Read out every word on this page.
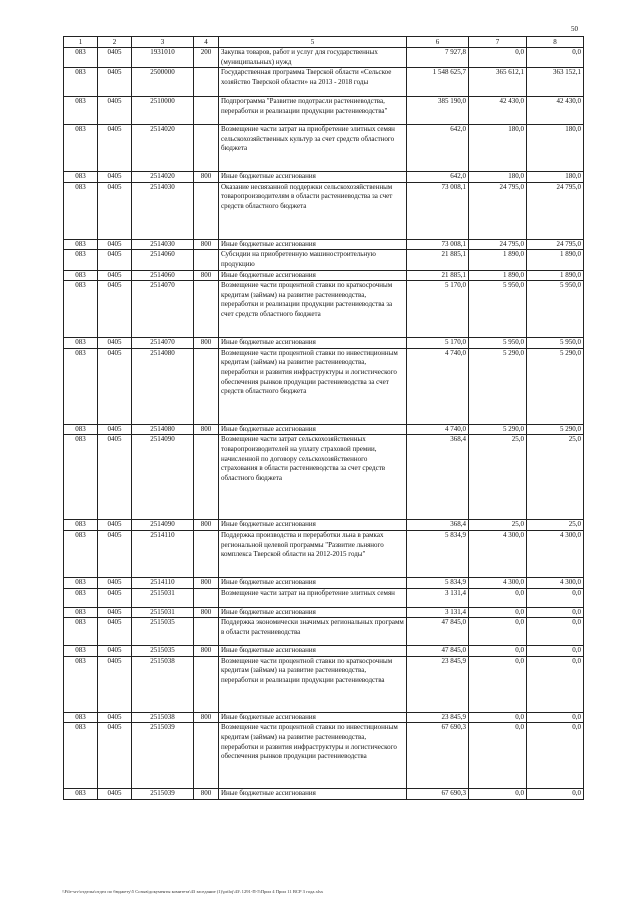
50
1	2	3	4	5	6	7	8
083	0405	1931010	200	Закупка товаров, работ и услуг для государственных (муниципальных) нужд	7 927,8	0,0	0,0
083	0405	2500000		Государственная программа Тверской области «Сельское хозяйство Тверской области» на 2013 - 2018 годы	1 548 625,7	365 612,1	363 152,1
083	0405	2510000		Подпрограмма "Развитие подотрасли растениеводства, переработки и реализации продукции растениеводства"	385 190,0	42 430,0	42 430,0
083	0405	2514020		Возмещение части затрат на приобретение элитных семян сельскохозяйственных культур за счет средств областного бюджета	642,0	180,0	180,0
083	0405	2514020	800	Иные бюджетные ассигнования	642,0	180,0	180,0
083	0405	2514030		Оказание несвязанной поддержки сельскохозяйственным товаропроизводителям в области растениеводства за счет средств областного бюджета	73 008,1	24 795,0	24 795,0
083	0405	2514030	800	Иные бюджетные ассигнования	73 008,1	24 795,0	24 795,0
083	0405	2514060		Субсидии на приобретенную машиностроительную продукцию	21 885,1	1 890,0	1 890,0
083	0405	2514060	800	Иные бюджетные ассигнования	21 885,1	1 890,0	1 890,0
083	0405	2514070		Возмещение части процентной ставки по краткосрочным кредитам (займам) на развитие растениеводства, переработки и реализации продукции растениеводства за счет средств областного бюджета	5 170,0	5 950,0	5 950,0
083	0405	2514070	800	Иные бюджетные ассигнования	5 170,0	5 950,0	5 950,0
083	0405	2514080		Возмещение части процентной ставки по инвестиционным кредитам (займам) на развитие растениеводства, переработки и развития инфраструктуры и логистического обеспечения рынков продукции растениеводства за счет средств областного бюджета	4 740,0	5 290,0	5 290,0
083	0405	2514080	800	Иные бюджетные ассигнования	4 740,0	5 290,0	5 290,0
083	0405	2514090		Возмещение части затрат сельскохозяйственных товаропроизводителей на уплату страховой премии, начисленной по договору сельскохозяйственного страхования в области растениеводства за счет средств областного бюджета	368,4	25,0	25,0
083	0405	2514090	800	Иные бюджетные ассигнования	368,4	25,0	25,0
083	0405	2514110		Поддержка производства и переработки льна в рамках региональной целевой программы "Развитие льняного комплекса Тверской области на 2012-2015 годы"	5 834,9	4 300,0	4 300,0
083	0405	2514110	800	Иные бюджетные ассигнования	5 834,9	4 300,0	4 300,0
083	0405	2515031		Возмещение части затрат на приобретение элитных семян	3 131,4	0,0	0,0
083	0405	2515031	800	Иные бюджетные ассигнования	3 131,4	0,0	0,0
083	0405	2515035		Поддержка экономически значимых региональных программ в области растениеводства	47 845,0	0,0	0,0
083	0405	2515035	800	Иные бюджетные ассигнования	47 845,0	0,0	0,0
083	0405	2515038		Возмещение части процентной ставки по краткосрочным кредитам (займам) на развитие растениеводства, переработки и реализации продукции растениеводства	23 845,9	0,0	0,0
083	0405	2515038	800	Иные бюджетные ассигнования	23 845,9	0,0	0,0
083	0405	2515039		Возмещение части процентной ставки по инвестиционным кредитам (займам) на развитие растениеводства, переработки и развития инфраструктуры и логистического обеспечения рынков продукции растениеводства	67 690,3	0,0	0,0
083	0405	2515039	800	Иные бюджетные ассигнования	67 690,3	0,0	0,0
\\File-srv\отделы\отдел по бюджету\5 Созыв\документы комитета\43 заседание (1)\priloj\43\ 1291-П-5\Прил 4 Прил 11 ВСР 3 года.xlsx
